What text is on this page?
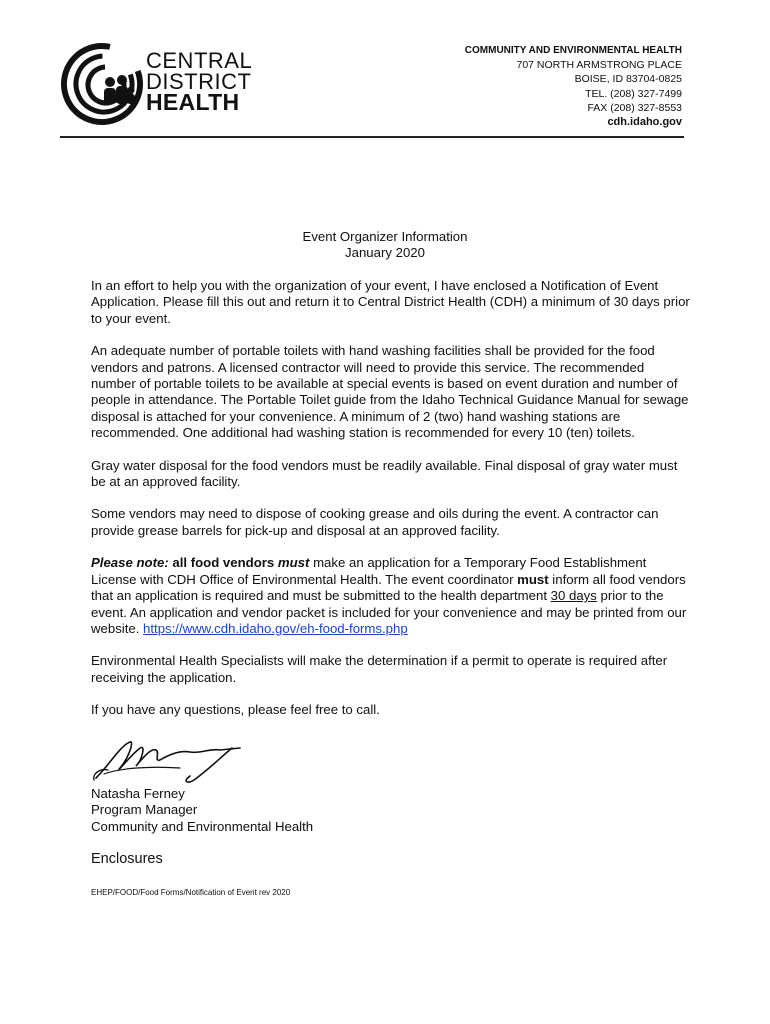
CENTRAL
DISTRICT
HEALTH
COMMUNITY AND ENVIRONMENTAL HEALTH
707 NORTH ARMSTRONG PLACE
BOISE, ID 83704-0825
TEL. (208) 327-7499
FAX (208) 327-8553
cdh.idaho.gov
Event Organizer Information
January 2020

In an effort to help you with the organization of your event, I have enclosed a Notification of Event Application. Please fill this out and return it to Central District Health (CDH) a minimum of 30 days prior to your event.

An adequate number of portable toilets with hand washing facilities shall be provided for the food vendors and patrons. A licensed contractor will need to provide this service. The recommended number of portable toilets to be available at special events is based on event duration and number of people in attendance. The Portable Toilet guide from the Idaho Technical Guidance Manual for sewage disposal is attached for your convenience. A minimum of 2 (two) hand washing stations are recommended. One additional had washing station is recommended for every 10 (ten) toilets.

Gray water disposal for the food vendors must be readily available. Final disposal of gray water must be at an approved facility.

Some vendors may need to dispose of cooking grease and oils during the event. A contractor can provide grease barrels for pick-up and disposal at an approved facility.

Please note: all food vendors must make an application for a Temporary Food Establishment License with CDH Office of Environmental Health. The event coordinator must inform all food vendors that an application is required and must be submitted to the health department 30 days prior to the event. An application and vendor packet is included for your convenience and may be printed from our website. https://www.cdh.idaho.gov/eh-food-forms.php

Environmental Health Specialists will make the determination if a permit to operate is required after receiving the application.

If you have any questions, please feel free to call.

Natasha Ferney
Program Manager
Community and Environmental Health
Enclosures
EHEP/FOOD/Food Forms/Notification of Event rev 2020
